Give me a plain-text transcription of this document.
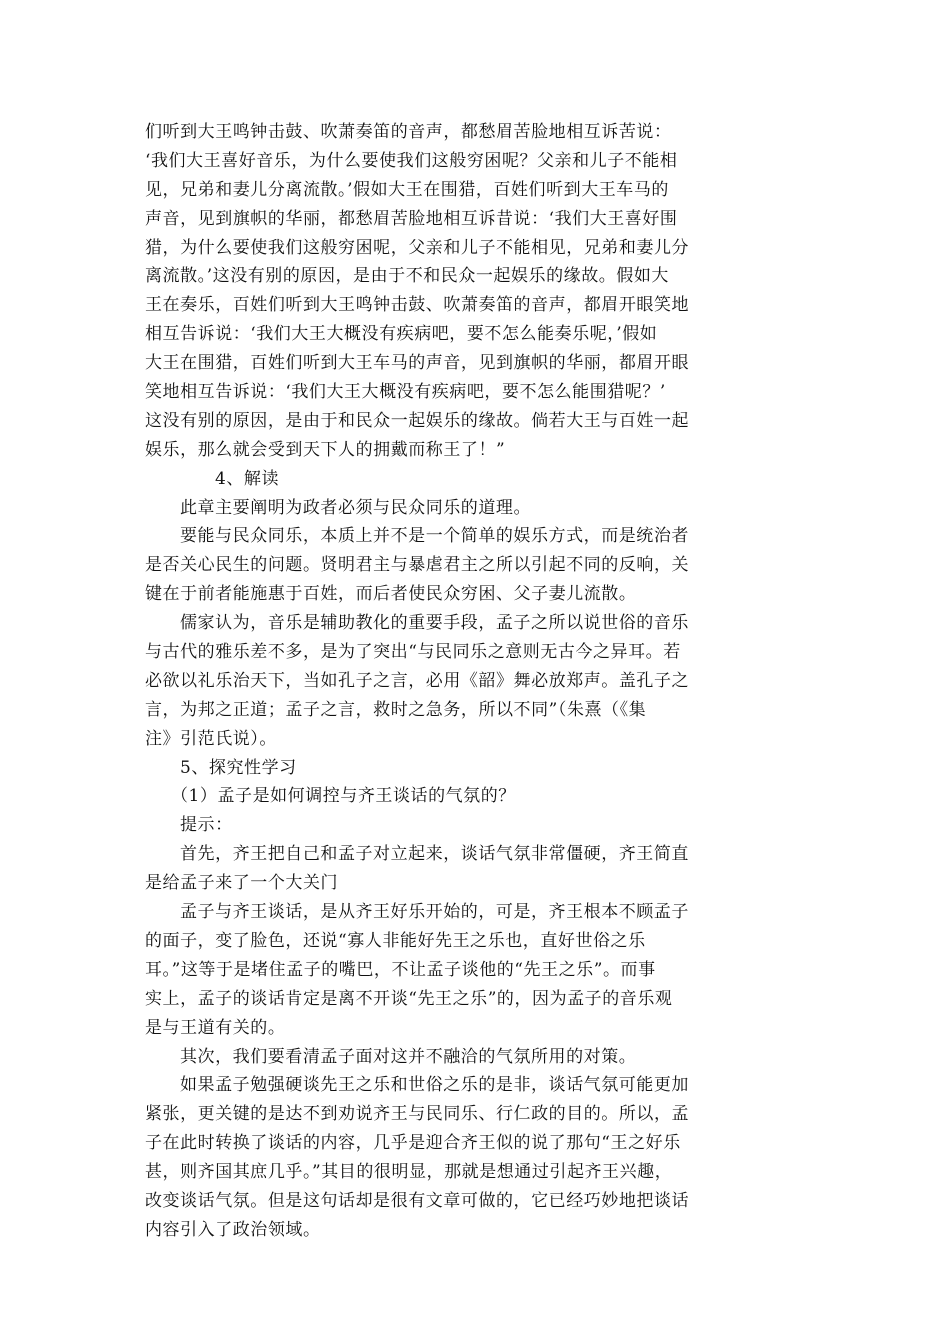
们听到大王鸣钟击鼓、吹萧奏笛的音声，都愁眉苦脸地相互诉苦说：
‘我们大王喜好音乐，为什么要使我们这般穷困呢？父亲和儿子不能相
见，兄弟和妻儿分离流散。’假如大王在围猎，百姓们听到大王车马的
声音，见到旗帜的华丽，都愁眉苦脸地相互诉昔说：‘我们大王喜好围
猎，为什么要使我们这般穷困呢，父亲和儿子不能相见，兄弟和妻儿分
离流散。’这没有别的原因，是由于不和民众一起娱乐的缘故。假如大
王在奏乐，百姓们听到大王鸣钟击鼓、吹萧奏笛的音声，都眉开眼笑地
相互告诉说：‘我们大王大概没有疾病吧，要不怎么能奏乐呢，’假如
大王在围猎，百姓们听到大王车马的声音，见到旗帜的华丽，都眉开眼
笑地相互告诉说：‘我们大王大概没有疾病吧，要不怎么能围猎呢？’
这没有别的原因，是由于和民众一起娱乐的缘故。倘若大王与百姓一起
娱乐，那么就会受到天下人的拥戴而称王了！”
4、解读
此章主要阐明为政者必须与民众同乐的道理。
要能与民众同乐，本质上并不是一个简单的娱乐方式，而是统治者
是否关心民生的问题。贤明君主与暴虐君主之所以引起不同的反响，关
键在于前者能施惠于百姓，而后者使民众穷困、父子妻儿流散。
儒家认为，音乐是辅助教化的重要手段，孟子之所以说世俗的音乐
与古代的雅乐差不多，是为了突出“与民同乐之意则无古今之异耳。若
必欲以礼乐治天下，当如孔子之言，必用《韶》舞必放郑声。盖孔子之
言，为邦之正道；孟子之言，救时之急务，所以不同”（朱熹（《集
注》引范氏说）。
5、探究性学习
（1）孟子是如何调控与齐王谈话的气氛的？
提示：
首先，齐王把自己和孟子对立起来，谈话气氛非常僵硬，齐王简直
是给孟子来了一个大关门
孟子与齐王谈话，是从齐王好乐开始的，可是，齐王根本不顾孟子
的面子，变了脸色，还说“寡人非能好先王之乐也，直好世俗之乐
耳。”这等于是堵住孟子的嘴巴，不让孟子谈他的“先王之乐”。而事
实上，孟子的谈话肯定是离不开谈“先王之乐”的，因为孟子的音乐观
是与王道有关的。
其次，我们要看清孟子面对这并不融洽的气氛所用的对策。
如果孟子勉强硬谈先王之乐和世俗之乐的是非，谈话气氛可能更加
紧张，更关键的是达不到劝说齐王与民同乐、行仁政的目的。所以，孟
子在此时转换了谈话的内容，几乎是迎合齐王似的说了那句“王之好乐
甚，则齐国其庶几乎。”其目的很明显，那就是想通过引起齐王兴趣，
改变谈话气氛。但是这句话却是很有文章可做的，它已经巧妙地把谈话
内容引入了政治领域。
